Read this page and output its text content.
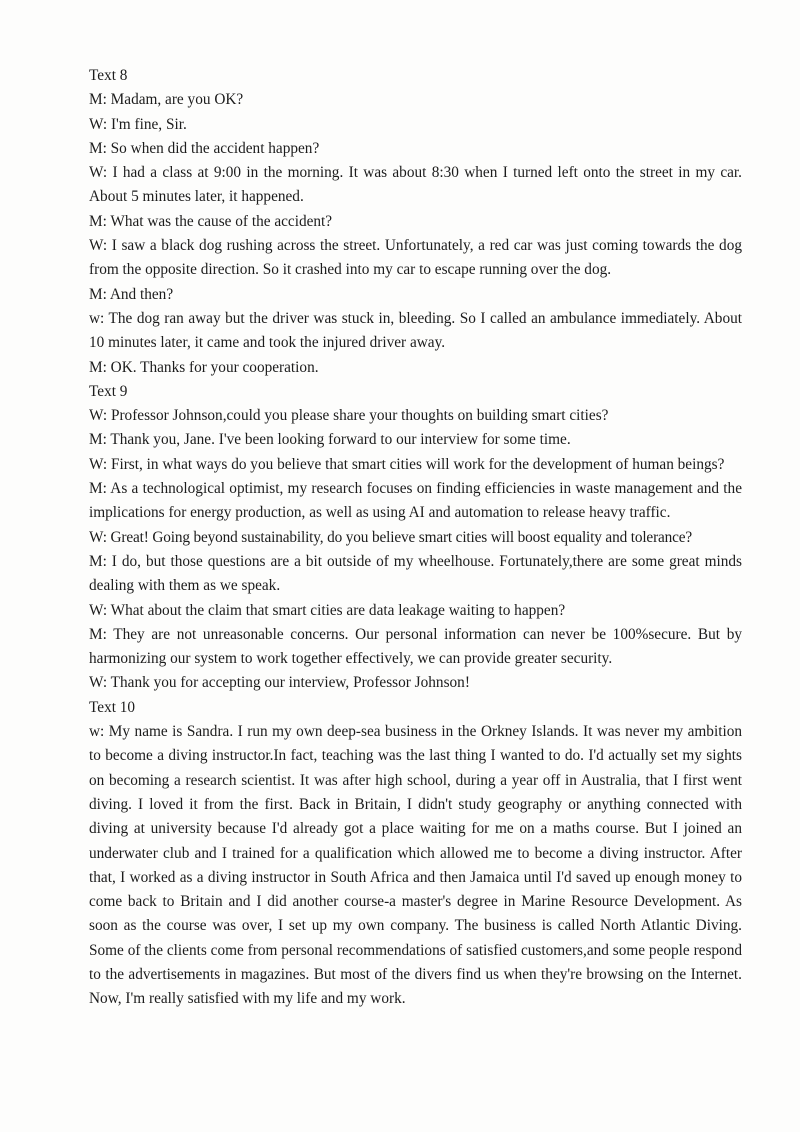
Text 8

M: Madam, are you OK?

W: I'm fine, Sir.

M: So when did the accident happen?

W: I had a class at 9:00 in the morning. It was about 8:30 when I turned left onto the street in my car. About 5 minutes later, it happened.

M: What was the cause of the accident?

W: I saw a black dog rushing across the street. Unfortunately, a red car was just coming towards the dog from the opposite direction. So it crashed into my car to escape running over the dog.

M: And then?

w: The dog ran away but the driver was stuck in, bleeding. So I called an ambulance immediately. About 10 minutes later, it came and took the injured driver away.

M: OK. Thanks for your cooperation.

Text 9

W: Professor Johnson,could you please share your thoughts on building smart cities?

M: Thank you, Jane. I've been looking forward to our interview for some time.

W: First, in what ways do you believe that smart cities will work for the development of human beings?

M: As a technological optimist, my research focuses on finding efficiencies in waste management and the implications for energy production, as well as using AI and automation to release heavy traffic.

W: Great! Going beyond sustainability, do you believe smart cities will boost equality and tolerance?

M: I do, but those questions are a bit outside of my wheelhouse. Fortunately,there are some great minds dealing with them as we speak.

W: What about the claim that smart cities are data leakage waiting to happen?

M: They are not unreasonable concerns. Our personal information can never be 100%secure. But by harmonizing our system to work together effectively, we can provide greater security.

W: Thank you for accepting our interview, Professor Johnson!

Text 10

w: My name is Sandra. I run my own deep-sea business in the Orkney Islands. It was never my ambition to become a diving instructor.In fact, teaching was the last thing I wanted to do. I'd actually set my sights on becoming a research scientist. It was after high school, during a year off in Australia, that I first went diving. I loved it from the first. Back in Britain, I didn't study geography or anything connected with diving at university because I'd already got a place waiting for me on a maths course. But I joined an underwater club and I trained for a qualification which allowed me to become a diving instructor. After that, I worked as a diving instructor in South Africa and then Jamaica until I'd saved up enough money to come back to Britain and I did another course-a master's degree in Marine Resource Development. As soon as the course was over, I set up my own company. The business is called North Atlantic Diving. Some of the clients come from personal recommendations of satisfied customers,and some people respond to the advertisements in magazines. But most of the divers find us when they're browsing on the Internet. Now, I'm really satisfied with my life and my work.
